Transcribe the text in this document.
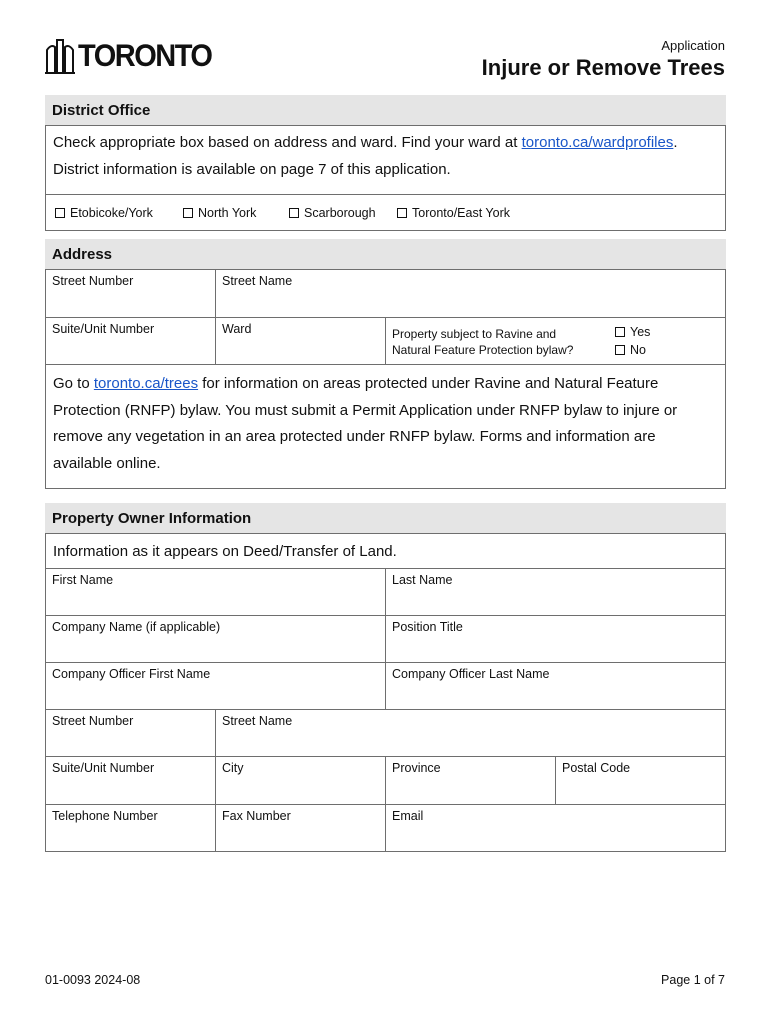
TORONTO	Application
Injure or Remove Trees
District Office
Check appropriate box based on address and ward. Find your ward at toronto.ca/wardprofiles.
District information is available on page 7 of this application.
Etobicoke/York	North York	Scarborough	Toronto/East York
Address
Street Number	Street Name
Suite/Unit Number	Ward	Property subject to Ravine and
Natural Feature Protection bylaw?
Yes
No
Go to toronto.ca/trees for information on areas protected under Ravine and Natural Feature Protection (RNFP) bylaw. You must submit a Permit Application under RNFP bylaw to injure or remove any vegetation in an area protected under RNFP bylaw. Forms and information are available online.
Property Owner Information
Information as it appears on Deed/Transfer of Land.
First Name	Last Name
Company Name (if applicable)	Position Title
Company Officer First Name	Company Officer Last Name
Street Number	Street Name
Suite/Unit Number	City	Province	Postal Code
Telephone Number	Fax Number	Email
01-0093 2024-08	Page 1 of 7
